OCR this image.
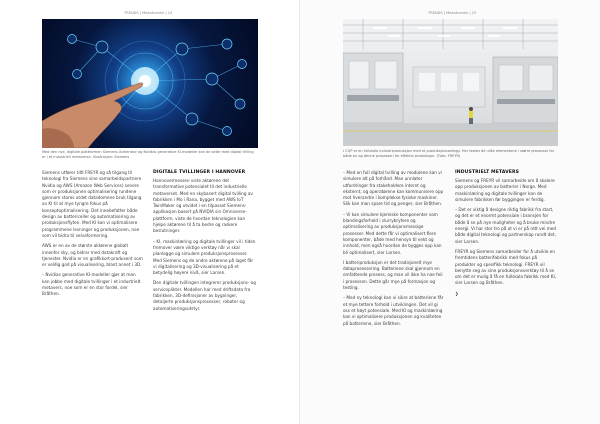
TRENDS | Mekatronikk | 24
Med den nye, digitale plattformen Siemens Xcelerator og Nvidias generative KI-modeller kan de sette med digital trilling er i et industriell metaverse. Illustrasjon: Siemens

Siemens utfører tiltl FREYR og så tilgang til teknologi fra Siemens sine samarbeidspartnere Nvidia og AWS (Amazon Web Services) senere som er produksjonen optimalisering rundene gjennom stores utdet datadomene bruk tilgang av KI til at mye tyngre fokus på konseptoptimalisering. Det innebefatter både design av battericeller og automatisering av produksjonsflyten. Med KI kan vi optimalisere programmene lesninger og produksjonen, noe som vil bidra til selvaformering.

AWS er en av de største aktørene globalt innenfor sky, og bidrar med datakraft og tjenester. Nvidia er en grafikkort-produsent som er veldig god på visualisering, blant annet i 3D.

– Nvidias generative KI-modeller gjør at man kan jobbe med digitale tvillinger i et industrielt metavers, noe som er en stor fordel, sier Bråthen.

DIGITALE TVILLINGER I HANNOVER

Hannovermessen viste aktørene det transformative potensialet til det industrielle metaverset. Med en skybasert digital tvilling av fabrikken i Mo i Rana, bygget med AWS IoT TwinMaker og utvidet i en tilpasset Siemens-applikasjon basert på NVIDIA sin Omniverse-plattform, viste de hvordan teknologien kan hjelpe aktørene til å ta bedre og raskere beslutninger.

– KI, maskinlæring og digitale tvillinger vil i tiden fremover være viktige verktøy når vi skal planlegge og simulere produksjonsprosesser. Med Siemens og de andre aktørene på laget får vi digitalisering og 3D-visualisering på et betydelig høyere nivå, sier Larsen.

Den digitale tvillingen integrerer produksjons- og serviceplikter. Modellen har med driftsdata fra fabrikken, 3D-definisjoner av bygninger, detaljerte produksjonsprosesser, roboter og automatiseringsutstyr.

TRENDS | Mekatronikk | 25
I CQP er en fullskala industriproduksjon med et produksjonsanlegg. Her testes de ulike elementene i større prosesser for både en og denne prosessen for effektiv produksjon. (Foto: FREYR)

– Med en full digital tvilling av modulene kan vi simulere alt på forhånd. Man unnlater utfordringer fra stakeholdere internt og eksternt, og operatørene kan kommunisere opp mot hverandre i komplekse fysiske maskiner. Slik kan man spare tid og penger, sier Bråthen.

– Vi kan simulere kjemiske komponenter som blandingsforhold i slurrybrytere og optimalisering av produksjonsmessige prosesser. Med dette får vi optimalisert flere komponenter, både med hensyn til vekt og innhold, men også hvordan de bygges opp kan bli optimalisert, sier Larsen.

I batteriproduksjon er det tradisjonelt mye dataprosessering. Batteriene skal gjennom en omfattende prosess, og man vil ikke ha noe feil i prosessen. Dette går mye på formasjon og testing.

– Med ny teknologi kan vi sikre at batteriene får et mye tettere forhold i utviklingen. Det vil gi oss et høyt potensiale. Med KI og maskinlæring kan vi optimalisere produksjonen og kvaliteten på batteriene, sier Bråthen.

INDUSTRIELT METAVERS

Siemens og FREYR vil samarbeide om å skalere opp produksjonen av batterier i Norge. Med maskinlæring og digitale tvillinger kan de simulere fabrikken før byggingen er ferdig.

– Det er viktig å designe riktig fabrikk fra start, og det er et enormt potensiale i bransjen for både å se på nye muligheter og å bruke mindre energi. Vi har stor tro på at vi er på rett vei med både digital teknologi og partnerskap rundt det, sier Larsen.

FREYR og Siemens samarbeider for å utvikle en fremtidens batterifabrikk med fokus på produkter og spesifikk teknologi. FREYR vil benytte seg av sine produksjonsverktøy til å se om det er mulig å få en fullskala fabrikk med KI, sier Larsen og Bråthen.

❯
